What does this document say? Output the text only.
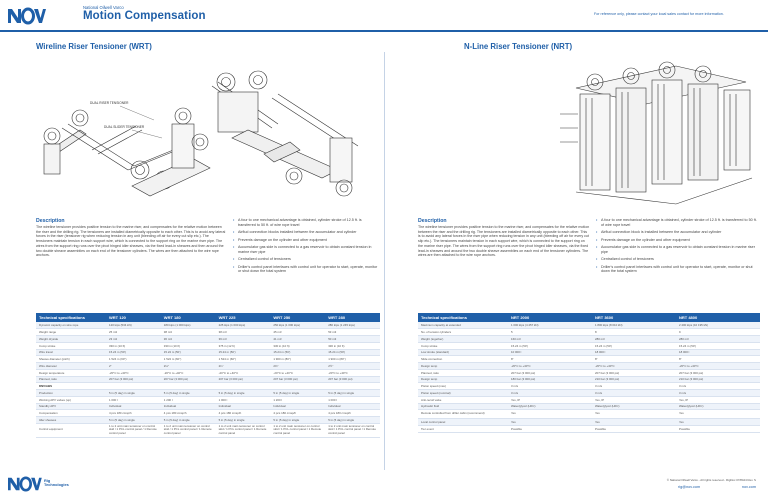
National Oilwell Varco
Motion Compensation	For reference only, please contact your local sales contact for more information.
Wireline Riser Tensioner (WRT)	N-Line Riser Tensioner (NRT)
DUAL RISER TENSIONER
DUAL SLIDER TENSIONER
Description
The wireline tensioner provides positive tension to the marine riser, and compensates for the relative motion between the riser and the drilling rig. The tensioners are installed diametrically opposite to each other. This is to avoid any lateral forces in the riser (tensioner rig when reducing tension in any unit (bleeding off air for every cut slip etc.). The tensioners maintain tension in each support wire, which is connected to the support ring on the marine riser pipe. The wires from the support ring runs over the pivot hinged idler sheaves, via the fixed lead-in sheaves and then around the two double sheave assemblies on each end of the tensioner cylinders. The wires are then attached to the wire rope anchors.
• A four to one mechanical advantage is obtained, cylinder stroke of 12.5 ft. is transferred to 50 ft. of wire rope travel
• Airflud connection blocks installed between the accumulator and cylinder
• Prevents damage on the cylinder and other equipment
• Accumulator gas side is connected to a gas reservoir to obtain constant tension in marine riser pipe
• Centralized control of tensioners
• Driller's control panel interfaces with control unit for operator to start, operate, monitor or shut down the total system
Description
The wireline tensioner provides positive tension to the marine riser, and compensates for the relative motion between the riser and the drilling rig. The tensioners are installed diametrically opposite to each other. This is to avoid any lateral forces in the riser pipe when reducing tension in any unit (bleeding off air for every cut slip etc.). The tensioners maintain tension in each support wire, which is connected to the support ring on the marine riser pipe. The wires from the support ring runs over the pivot hinged idler sheaves, via the fixed lead-in sheaves and around the two double sheave assemblies on each end of the tensioner cylinders. The wires are then attached to the wire rope anchors.
• A four to one mechanical advantage is obtained, cylinder stroke of 12.5 ft. is transferred to 50 ft. of wire rope travel
• Airflud connection block is installed between the accumulator and cylinder
• Prevents damage on the cylinder and other equipment
• Accumulator gas side is connected to a gas reservoir to obtain constant tension in marine riser pipe
• Centralized control of tensioners
• Driller's control panel interfaces with control unit for operator to start, operate, monitor or shut down the total system
Technical specifications	WRT 120	WRT 180	WRT 225	WRT 250	WRT 280
Dynamic capacity on wire rope	120 kips (534 kN)	180 kips (1 000 kips)	225 kips (1 000 kips)	250 kips (1 000 kips)	280 kips (1 245 kips)
Weight range	25 m3	38 m3	38 m3	45 m3	53 m3
Weight dryside	23 m3	36 m3	36 m3	41 m3	50 m3
Comp stroke	330 in (10 ft)	330 in (10 ft)	375 in (12 ft)	330 in (10 ft)	330 in (10 ft)
Wire travel	15.24 m (50')	15.24 m (50')	15.24 m (50')	15.24 m (50')	15.24 m (50')
Sheave diameter (pitch)	1 524 m (60'')	1 524 m (60'')	1 524 m (60'')	1 900 m (80'')	1 900 m (80'')
Wire diameter	2''	2⅛''	2¼''	2⅜''	2½''
Design temperature	-20°C to +40°C	-20°C to +40°C	-20°C to +40°C	-20°C to +40°C	-20°C to +40°C
Planned, ratio	207 bar (3 000 psi)	207 bar (3 000 psi)	207 bar (3 000 psi)	207 bar (3 000 psi)	207 bar (3 000 psi)
DNV/ABS					
Production	5 in (5 day) in single	5 in (5 day) in single	5 in (5 day) in single	5 in (5 day) in single	5 in (5 day) in single
Working APV valves (up)	1 000 l	1 200 l	1 000 l	1 200 l	1 000 l
Standby APV	Individual	Individual	Individual	Individual	Individual
Compensation	4 pcs 180 cmsp/h	4 pcs 180 cmsp/h	4 pcs 180 cmsp/h	4 pcs 180 cmsp/h	4 pcs 180 cmsp/h
Idler sheaves	5 in (5 day) in single	5 in (5 day) in single	5 in (5 day) in single	5 in (5 day) in single	5 in (5 day) in single
Control equipment	1 to 2 unit main tensioner on control skid / 1 PCL control panel / 1 Remote control panel	1 to 2 unit main tensioner on control skid / 1 PCL control panel / 1 Remote control panel	1 to 2 unit main tensioner on control skid / 1 PCL control panel / 1 Remote control panel	1 to 2 unit main tensioner on control skid / 1 PCL control panel / 1 Remote control panel	1 to 2 unit main tensioner on control skid / 1 PCL control panel / 1 Remote control panel
Technical specifications	NRT 2000	NRT 3600	NRT 4800
Maximum capacity at extended	1 000 kips (4 457 kN)	1 800 kips (8 010 kN)	2 400 kips (10 195 kN)
No. of tension cylinders	5	8	9
Weight (together)	160 m3	280 m3	280 m3
Comp stroke	15.24 m (50')	15.24 m (50')	15.24 m (50')
Low stroke (standard)	10 000 l	18 000 l	18 000 l
Slide connection	8''	8''	8''
Design temp	-20°C to +40°C	-20°C to +40°C	-20°C to +40°C
Planned, ratio	207 bar (3 000 psi)	207 bar (3 000 psi)	207 bar (3 000 psi)
Design temp	180 bar (3 000 psi)	210 bar (3 000 psi)	210 bar (3 000 psi)
Piston speed (max)	3 m/s	3 m/s	3 m/s
Piston speed (nominal)	3 m/s	3 m/s	3 m/s
Anti-recoil valve	Yes, IP	Yes, IP	Yes, IP
Hydraulic fluid	Water/glycol (HFC)	Water/glycol (HFC)	Water/glycol (HFC)
Remote controlled from driller cabin (recommend)	Yes	Yes	Yes
Local control panel	Yes	Yes	Yes
Tier event	Possible	Possible	Possible
Rig
Technologies
© National Oilwell Varco - All rights reserved - RigDoc 07/8424 Rev. S
rig@nov.com	nov.com
